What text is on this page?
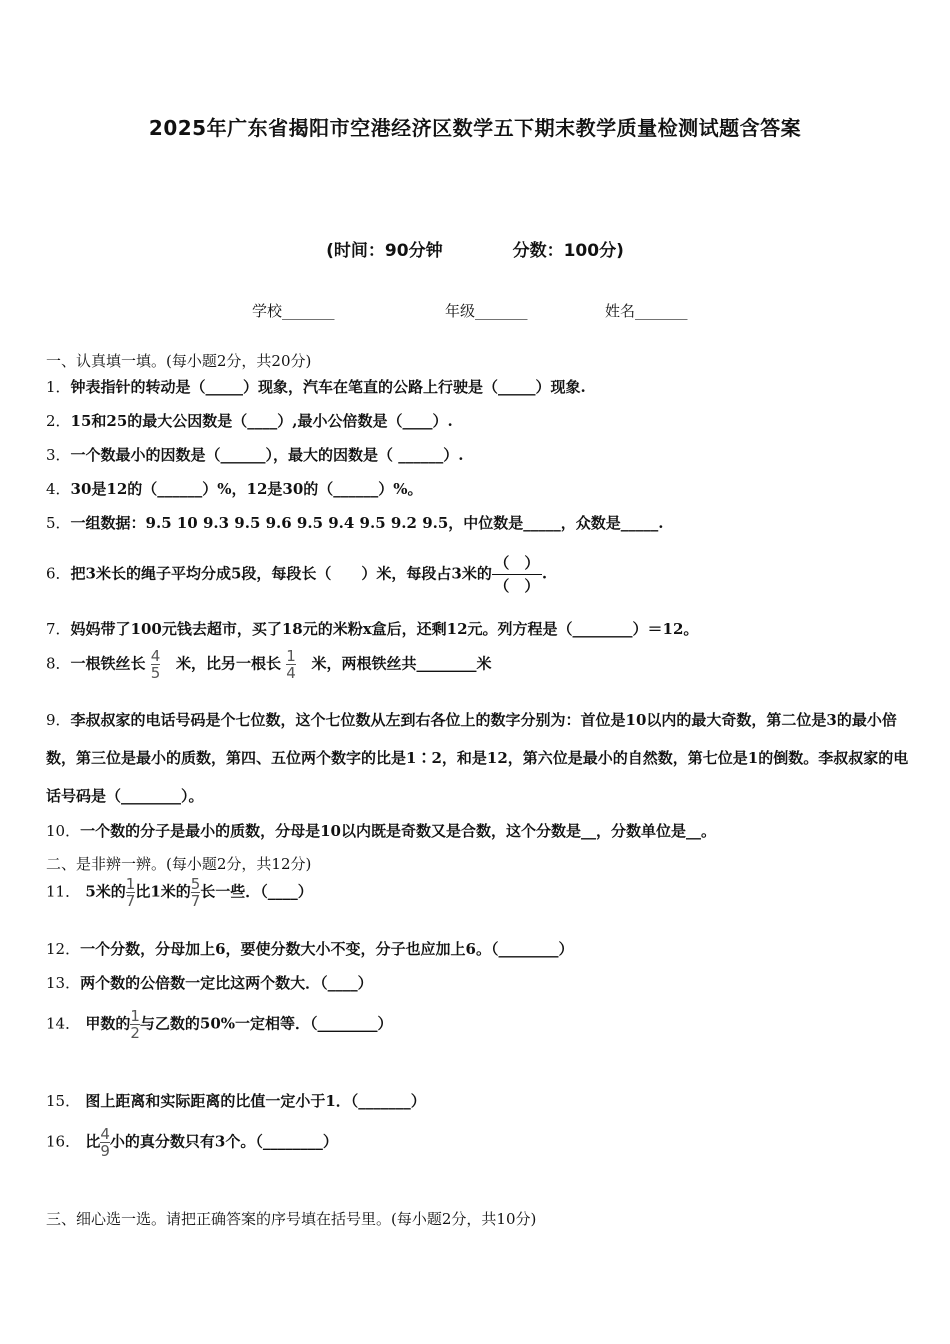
2025年广东省揭阳市空港经济区数学五下期末教学质量检测试题含答案
(时间：90分钟	分数：100分)
学校_______	年级_______	姓名_______
一、认真填一填。(每小题2分，共20分)
1．钟表指针的转动是（_____）现象，汽车在笔直的公路上行驶是（_____）现象.
2．15和25的最大公因数是（____）,最小公倍数是（____）.
3．一个数最小的因数是（______），最大的因数是（ ______）.
4．30是12的（______）%，12是30的（______）%。
5．一组数据：9.5 10 9.3 9.5 9.6 9.5 9.4 9.5 9.2 9.5，中位数是_____，众数是_____.
6．把3米长的绳子平均分成5段，每段长（　　）米，每段占3米的（　）
（　）
.
7．妈妈带了100元钱去超市，买了18元的米粉x盒后，还剩12元。列方程是（________）＝12。
8．一根铁丝长 $\frac{4}{5}$ 米，比另一根长 $\frac{1}{4}$ 米，两根铁丝共________米
9．李叔叔家的电话号码是个七位数，这个七位数从左到右各位上的数字分别为：首位是10以内的最大奇数，第二位是3的最小倍数，第三位是最小的质数，第四、五位两个数字的比是1∶2，和是12，第六位是最小的自然数，第七位是1的倒数。李叔叔家的电话号码是（________）。
10．一个数的分子是最小的质数，分母是10以内既是奇数又是合数，这个分数是__，分数单位是__。
二、是非辨一辨。(每小题2分，共12分)
11． 5米的 $\frac{1}{7}$ 比1米的 $\frac{5}{7}$ 长一些．（____）
12．一个分数，分母加上6，要使分数大小不变，分子也应加上6。（________）
13．两个数的公倍数一定比这两个数大．（____）
14． 甲数的 $\frac{1}{2}$ 与乙数的50%一定相等．（________）
15． 图上距离和实际距离的比值一定小于1．（_______）
16． 比 $\frac{4}{9}$ 小的真分数只有3个。（________）
三、细心选一选。请把正确答案的序号填在括号里。(每小题2分，共10分)
